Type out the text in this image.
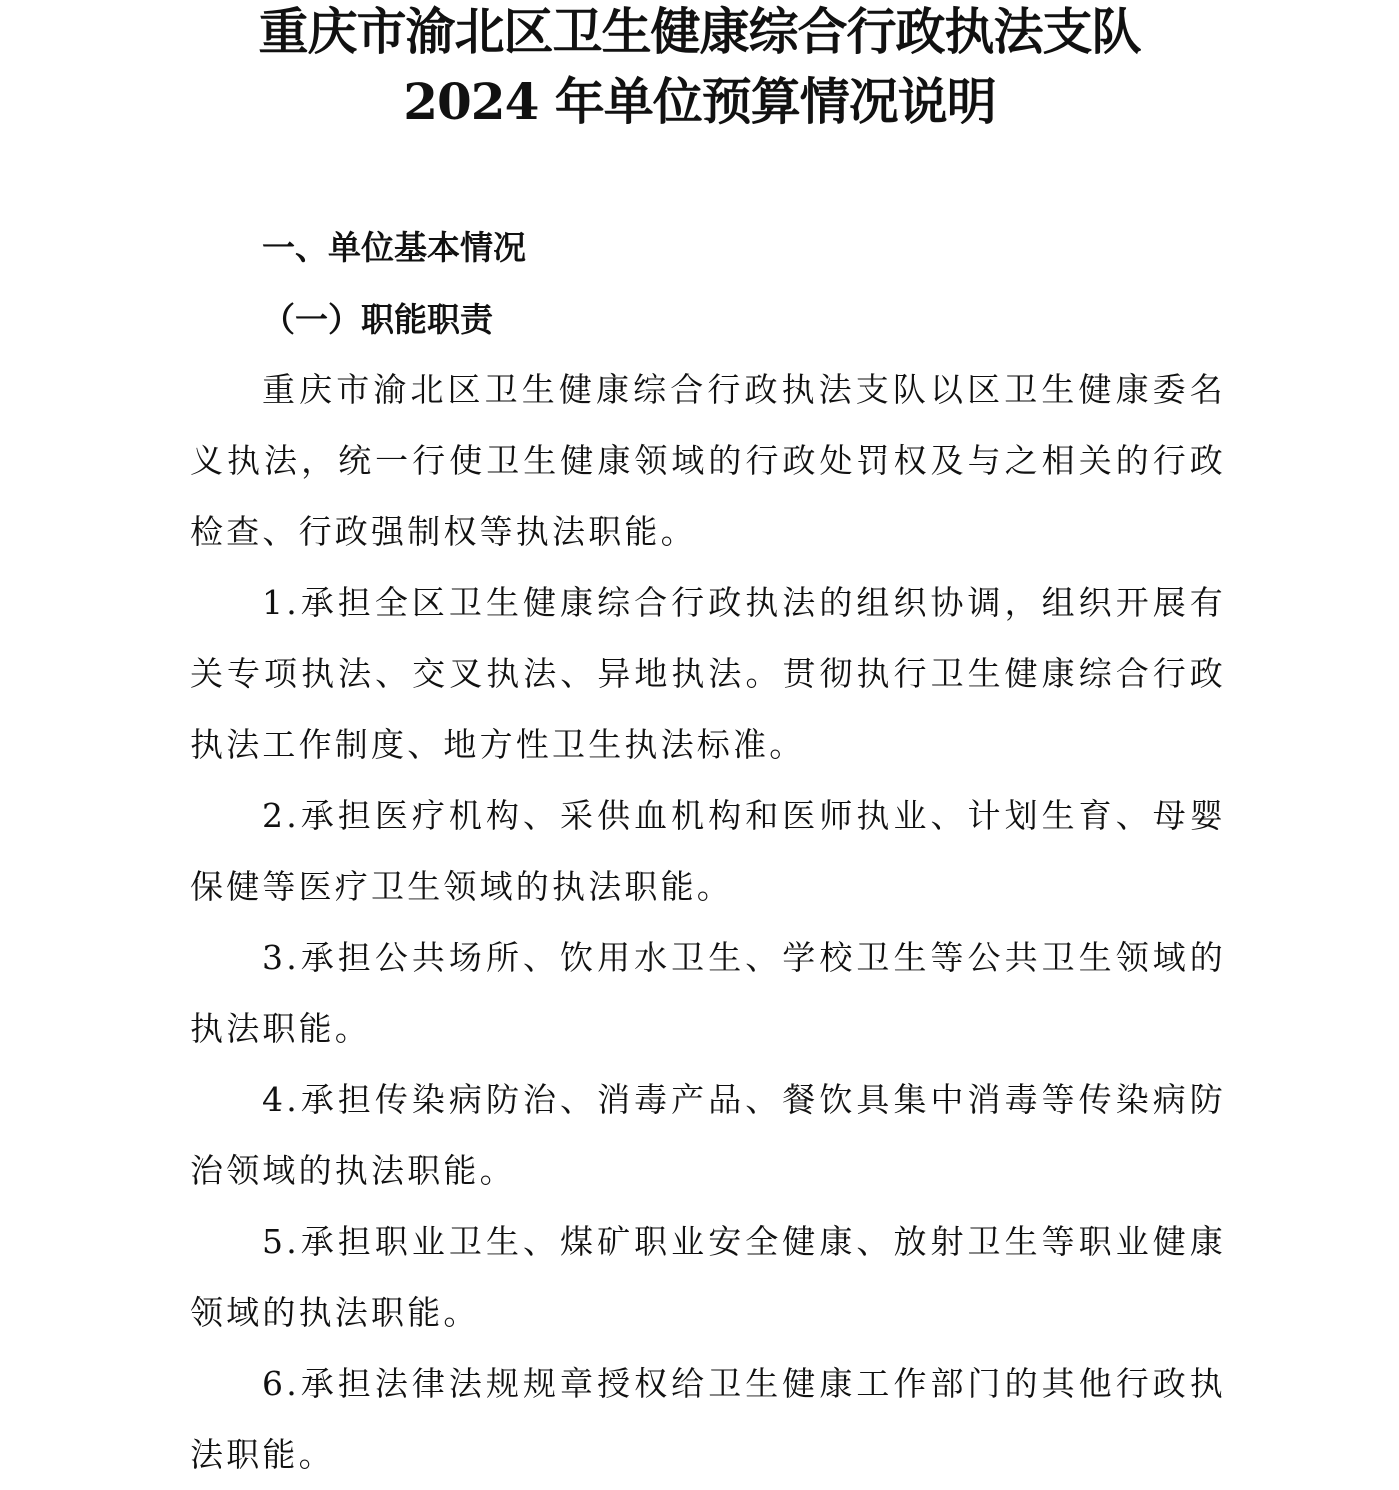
重庆市渝北区卫生健康综合行政执法支队
2024 年单位预算情况说明
一、单位基本情况
（一）职能职责

重庆市渝北区卫生健康综合行政执法支队以区卫生健康委名义执法，统一行使卫生健康领域的行政处罚权及与之相关的行政检查、行政强制权等执法职能。

1.承担全区卫生健康综合行政执法的组织协调，组织开展有关专项执法、交叉执法、异地执法。贯彻执行卫生健康综合行政执法工作制度、地方性卫生执法标准。

2.承担医疗机构、采供血机构和医师执业、计划生育、母婴保健等医疗卫生领域的执法职能。

3.承担公共场所、饮用水卫生、学校卫生等公共卫生领域的执法职能。

4.承担传染病防治、消毒产品、餐饮具集中消毒等传染病防治领域的执法职能。

5.承担职业卫生、煤矿职业安全健康、放射卫生等职业健康领域的执法职能。

6.承担法律法规规章授权给卫生健康工作部门的其他行政执法职能。
